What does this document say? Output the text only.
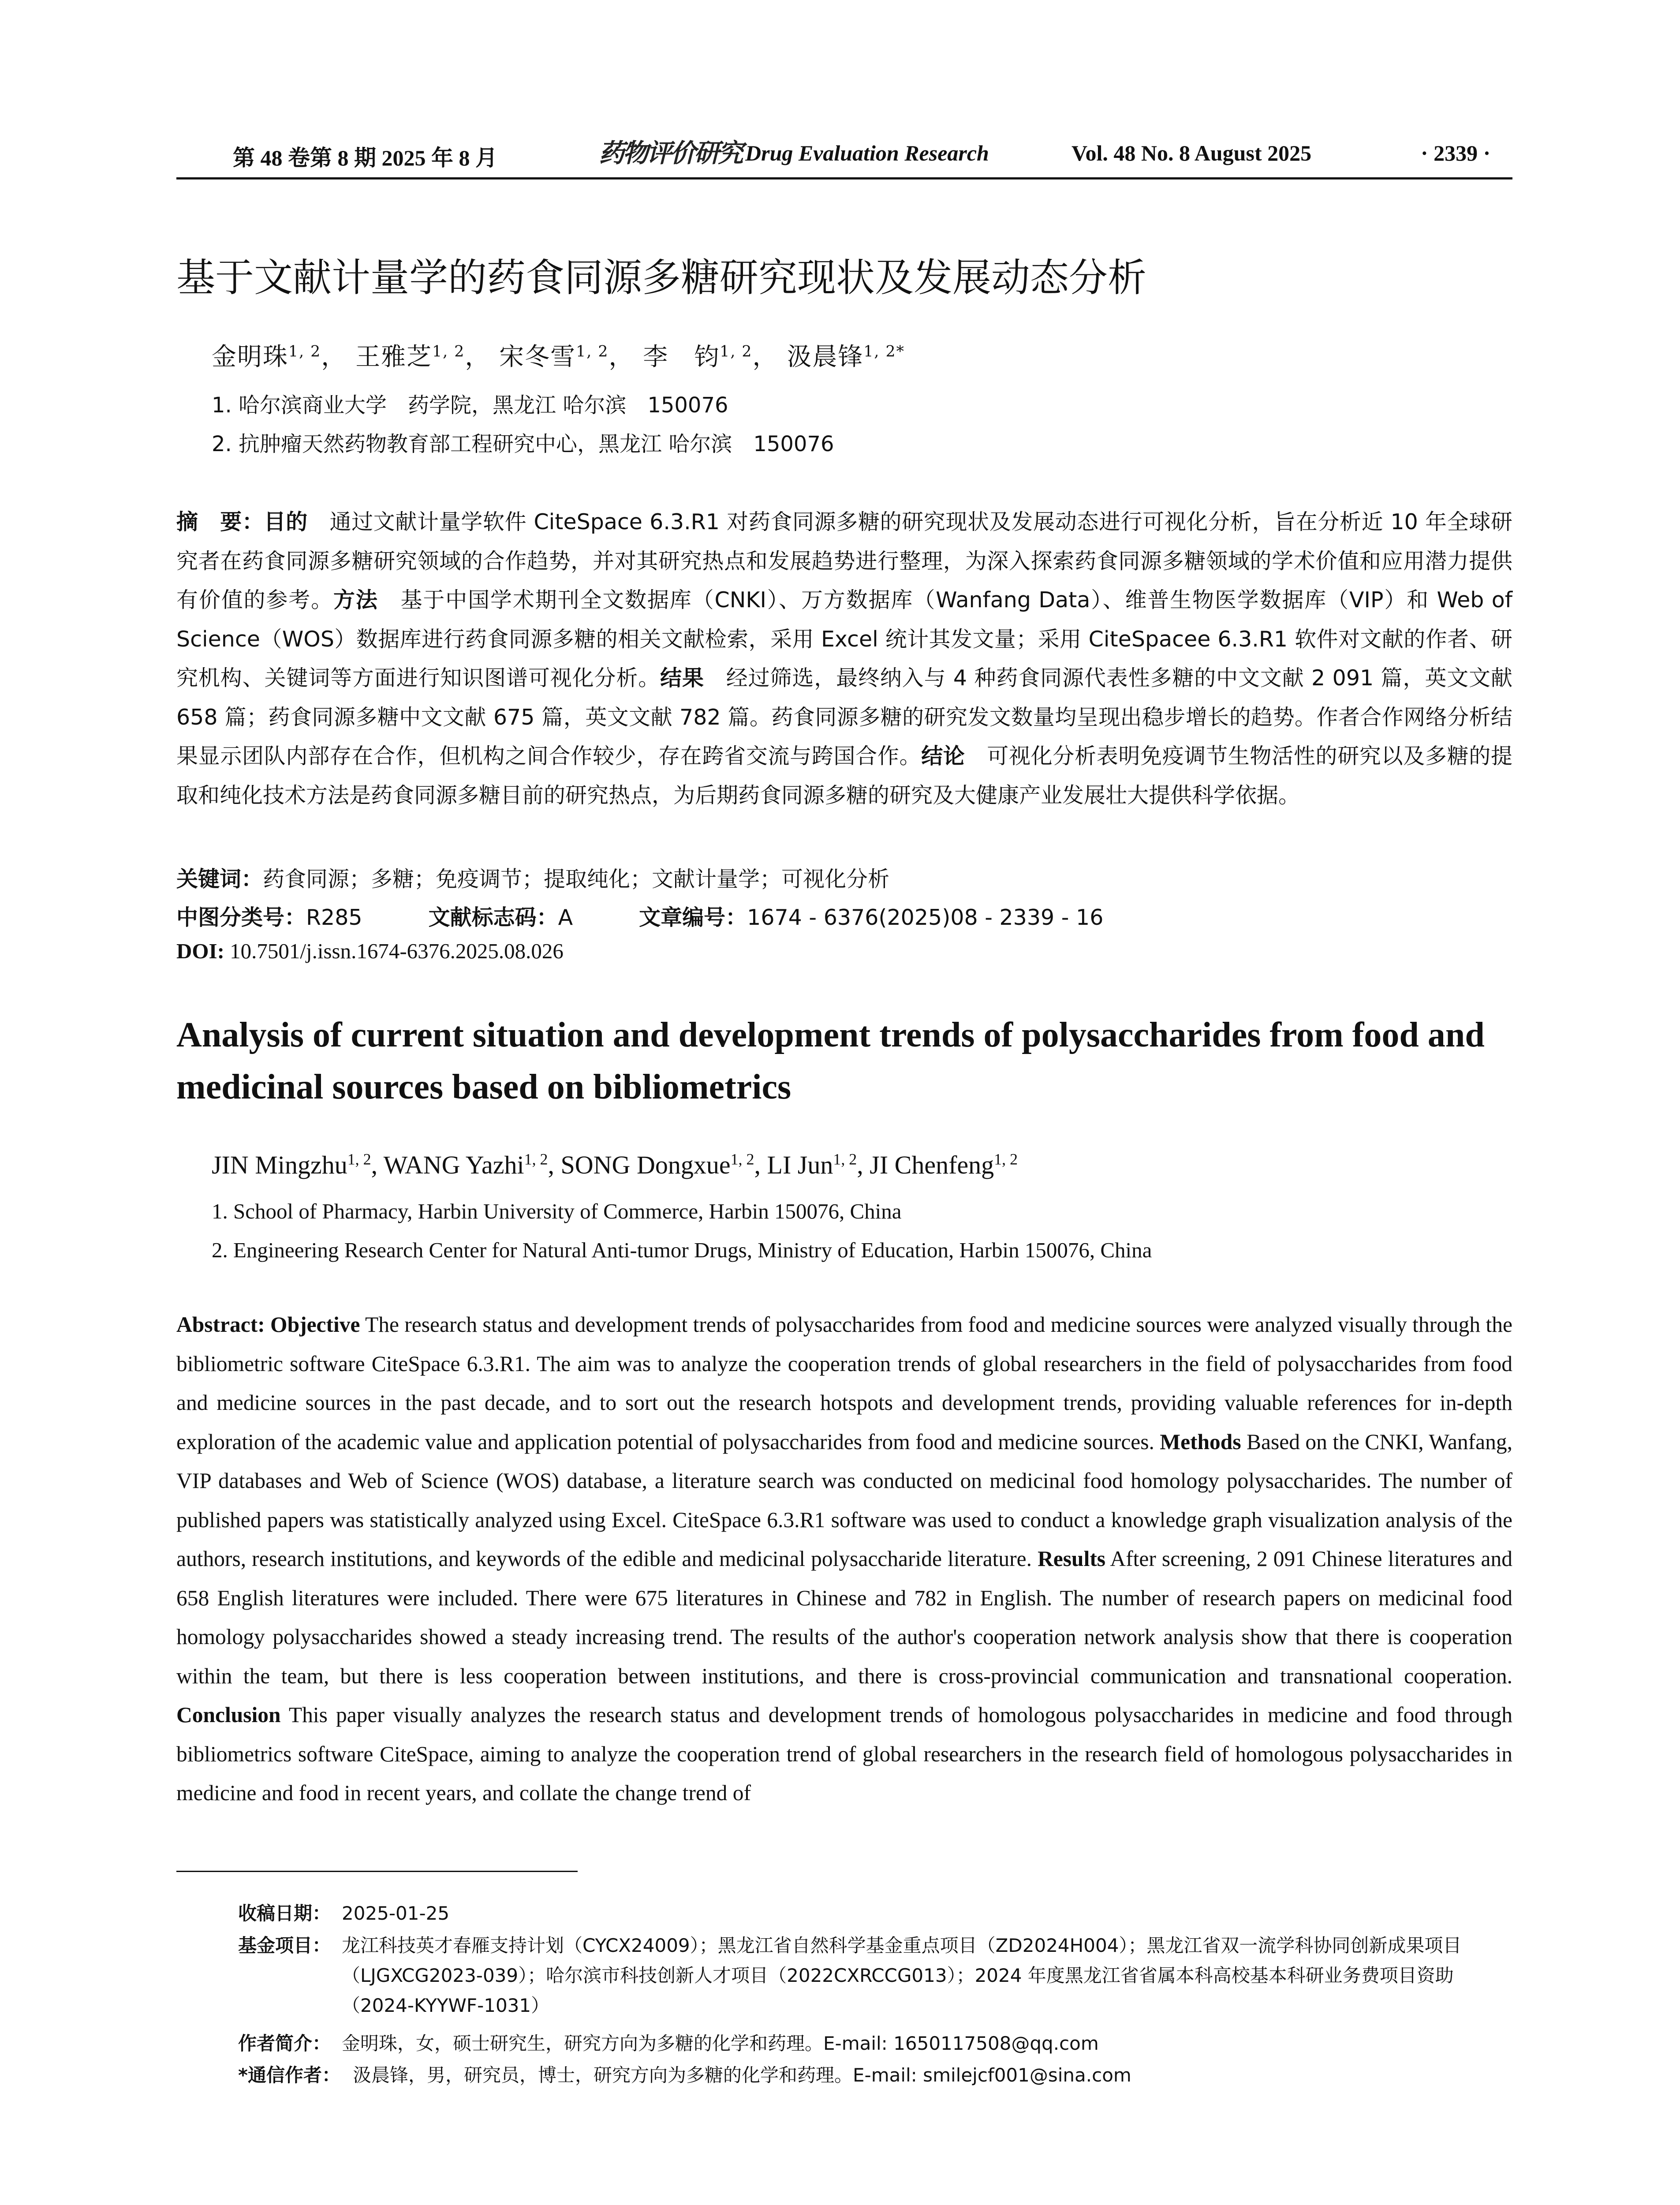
第 48 卷第 8 期 2025 年 8 月	药物评价研究 Drug Evaluation Research	Vol. 48 No. 8 August 2025	· 2339 ·
基于文献计量学的药食同源多糖研究现状及发展动态分析
金明珠$^{1, 2}$， 王雅芝$^{1, 2}$， 宋冬雪$^{1, 2}$， 李　钧$^{1, 2}$， 汲晨锋$^{1, 2*}$
1. 哈尔滨商业大学　药学院，黑龙江 哈尔滨　150076
2. 抗肿瘤天然药物教育部工程研究中心，黑龙江 哈尔滨　150076
摘　要：目的　通过文献计量学软件 CiteSpace 6.3.R1 对药食同源多糖的研究现状及发展动态进行可视化分析，旨在分析近 10 年全球研究者在药食同源多糖研究领域的合作趋势，并对其研究热点和发展趋势进行整理，为深入探索药食同源多糖领域的学术价值和应用潜力提供有价值的参考。方法　基于中国学术期刊全文数据库（CNKI）、万方数据库（Wanfang Data）、维普生物医学数据库（VIP）和 Web of Science（WOS）数据库进行药食同源多糖的相关文献检索，采用 Excel 统计其发文量；采用 CiteSpacee 6.3.R1 软件对文献的作者、研究机构、关键词等方面进行知识图谱可视化分析。结果　经过筛选，最终纳入与 4 种药食同源代表性多糖的中文文献 2 091 篇，英文文献 658 篇；药食同源多糖中文文献 675 篇，英文文献 782 篇。药食同源多糖的研究发文数量均呈现出稳步增长的趋势。作者合作网络分析结果显示团队内部存在合作，但机构之间合作较少，存在跨省交流与跨国合作。结论　可视化分析表明免疫调节生物活性的研究以及多糖的提取和纯化技术方法是药食同源多糖目前的研究热点，为后期药食同源多糖的研究及大健康产业发展壮大提供科学依据。
关键词：药食同源；多糖；免疫调节；提取纯化；文献计量学；可视化分析
中图分类号：R285	文献标志码：A	文章编号：1674 - 6376(2025)08 - 2339 - 16
DOI: 10.7501/j.issn.1674-6376.2025.08.026
Analysis of current situation and development trends of polysaccharides from food and medicinal sources based on bibliometrics
JIN Mingzhu$^{1, 2}$, WANG Yazhi$^{1, 2}$, SONG Dongxue$^{1, 2}$, LI Jun$^{1, 2}$, JI Chenfeng$^{1, 2}$
1. School of Pharmacy, Harbin University of Commerce, Harbin 150076, China
2. Engineering Research Center for Natural Anti-tumor Drugs, Ministry of Education, Harbin 150076, China
Abstract: Objective The research status and development trends of polysaccharides from food and medicine sources were analyzed visually through the bibliometric software CiteSpace 6.3.R1. The aim was to analyze the cooperation trends of global researchers in the field of polysaccharides from food and medicine sources in the past decade, and to sort out the research hotspots and development trends, providing valuable references for in-depth exploration of the academic value and application potential of polysaccharides from food and medicine sources. Methods Based on the CNKI, Wanfang, VIP databases and Web of Science (WOS) database, a literature search was conducted on medicinal food homology polysaccharides. The number of published papers was statistically analyzed using Excel. CiteSpace 6.3.R1 software was used to conduct a knowledge graph visualization analysis of the authors, research institutions, and keywords of the edible and medicinal polysaccharide literature. Results After screening, 2 091 Chinese literatures and 658 English literatures were included. There were 675 literatures in Chinese and 782 in English. The number of research papers on medicinal food homology polysaccharides showed a steady increasing trend. The results of the author's cooperation network analysis show that there is cooperation within the team, but there is less cooperation between institutions, and there is cross-provincial communication and transnational cooperation. Conclusion This paper visually analyzes the research status and development trends of homologous polysaccharides in medicine and food through bibliometrics software CiteSpace, aiming to analyze the cooperation trend of global researchers in the research field of homologous polysaccharides in medicine and food in recent years, and collate the change trend of
收稿日期： 2025-01-25
基金项目： 龙江科技英才春雁支持计划（CYCX24009）；黑龙江省自然科学基金重点项目（ZD2024H004）；黑龙江省双一流学科协同创新成果项目（LJGXCG2023-039）；哈尔滨市科技创新人才项目（2022CXRCCG013）；2024 年度黑龙江省省属本科高校基本科研业务费项目资助（2024-KYYWF-1031）
作者简介： 金明珠，女，硕士研究生，研究方向为多糖的化学和药理。E-mail: 1650117508@qq.com
*通信作者： 汲晨锋，男，研究员，博士，研究方向为多糖的化学和药理。E-mail: smilejcf001@sina.com
